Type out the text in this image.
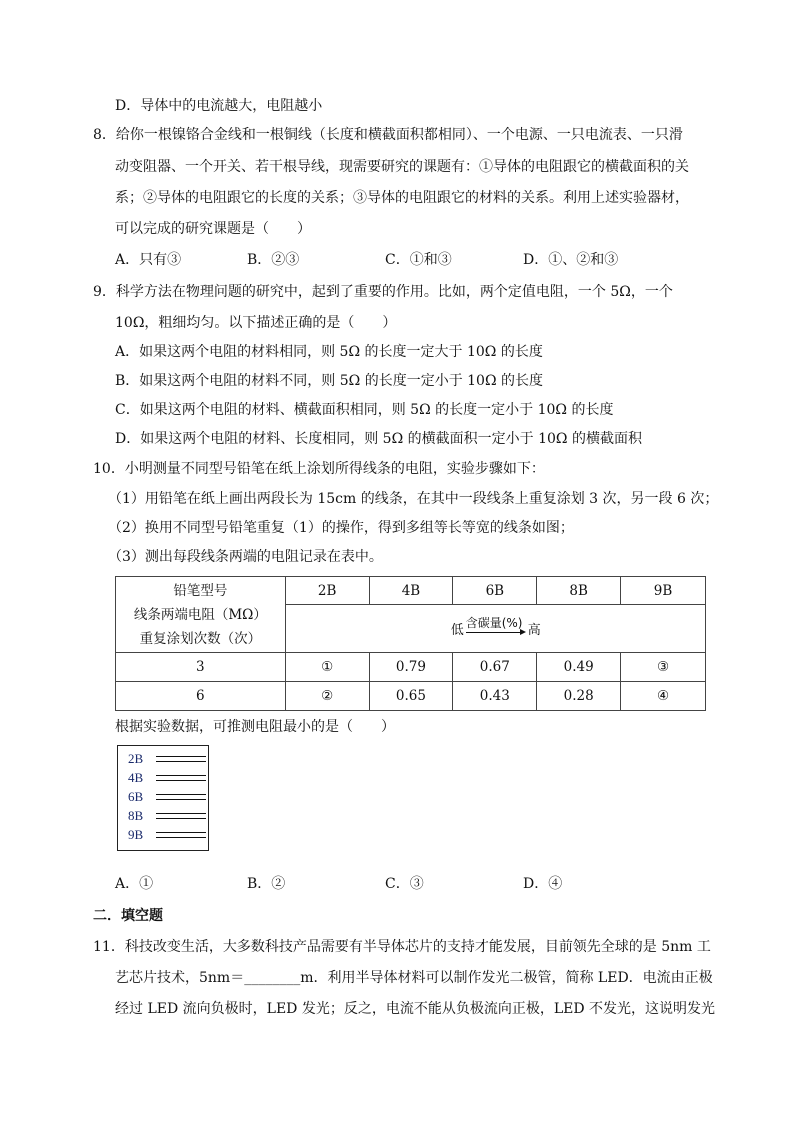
D．导体中的电流越大，电阻越小
8．给你一根镍铬合金线和一根铜线（长度和横截面积都相同）、一个电源、一只电流表、一只滑
动变阻器、一个开关、若干根导线，现需要研究的课题有：①导体的电阻跟它的横截面积的关
系；②导体的电阻跟它的长度的关系；③导体的电阻跟它的材料的关系。利用上述实验器材，
可以完成的研究课题是（　　）
A．只有③	B．②③	C．①和③	D．①、②和③
9．科学方法在物理问题的研究中，起到了重要的作用。比如，两个定值电阻，一个 5Ω，一个
10Ω，粗细均匀。以下描述正确的是（　　）
A．如果这两个电阻的材料相同，则 5Ω 的长度一定大于 10Ω 的长度
B．如果这两个电阻的材料不同，则 5Ω 的长度一定小于 10Ω 的长度
C．如果这两个电阻的材料、横截面积相同，则 5Ω 的长度一定小于 10Ω 的长度
D．如果这两个电阻的材料、长度相同，则 5Ω 的横截面积一定小于 10Ω 的横截面积
10．小明测量不同型号铅笔在纸上涂划所得线条的电阻，实验步骤如下：
（1）用铅笔在纸上画出两段长为 15cm 的线条，在其中一段线条上重复涂划 3 次，另一段 6 次；
（2）换用不同型号铅笔重复（1）的操作，得到多组等长等宽的线条如图；
（3）测出每段线条两端的电阻记录在表中。
铅笔型号
线条两端电阻（MΩ）
重复涂划次数（次）	2B	4B	6B	8B	9B

	低 含碳量(%) 高				

3	①	0.79	0.67	0.49	③
6	②	0.65	0.43	0.28	④
根据实验数据，可推测电阻最小的是（　　）
2B
4B
6B
8B
9B
A．①	B．②	C．③	D．④
二．填空题
11．科技改变生活，大多数科技产品需要有半导体芯片的支持才能发展，目前领先全球的是 5nm 工
艺芯片技术，5nm＝________m．利用半导体材料可以制作发光二极管，简称 LED．电流由正极
经过 LED 流向负极时，LED 发光；反之，电流不能从负极流向正极，LED 不发光，这说明发光
